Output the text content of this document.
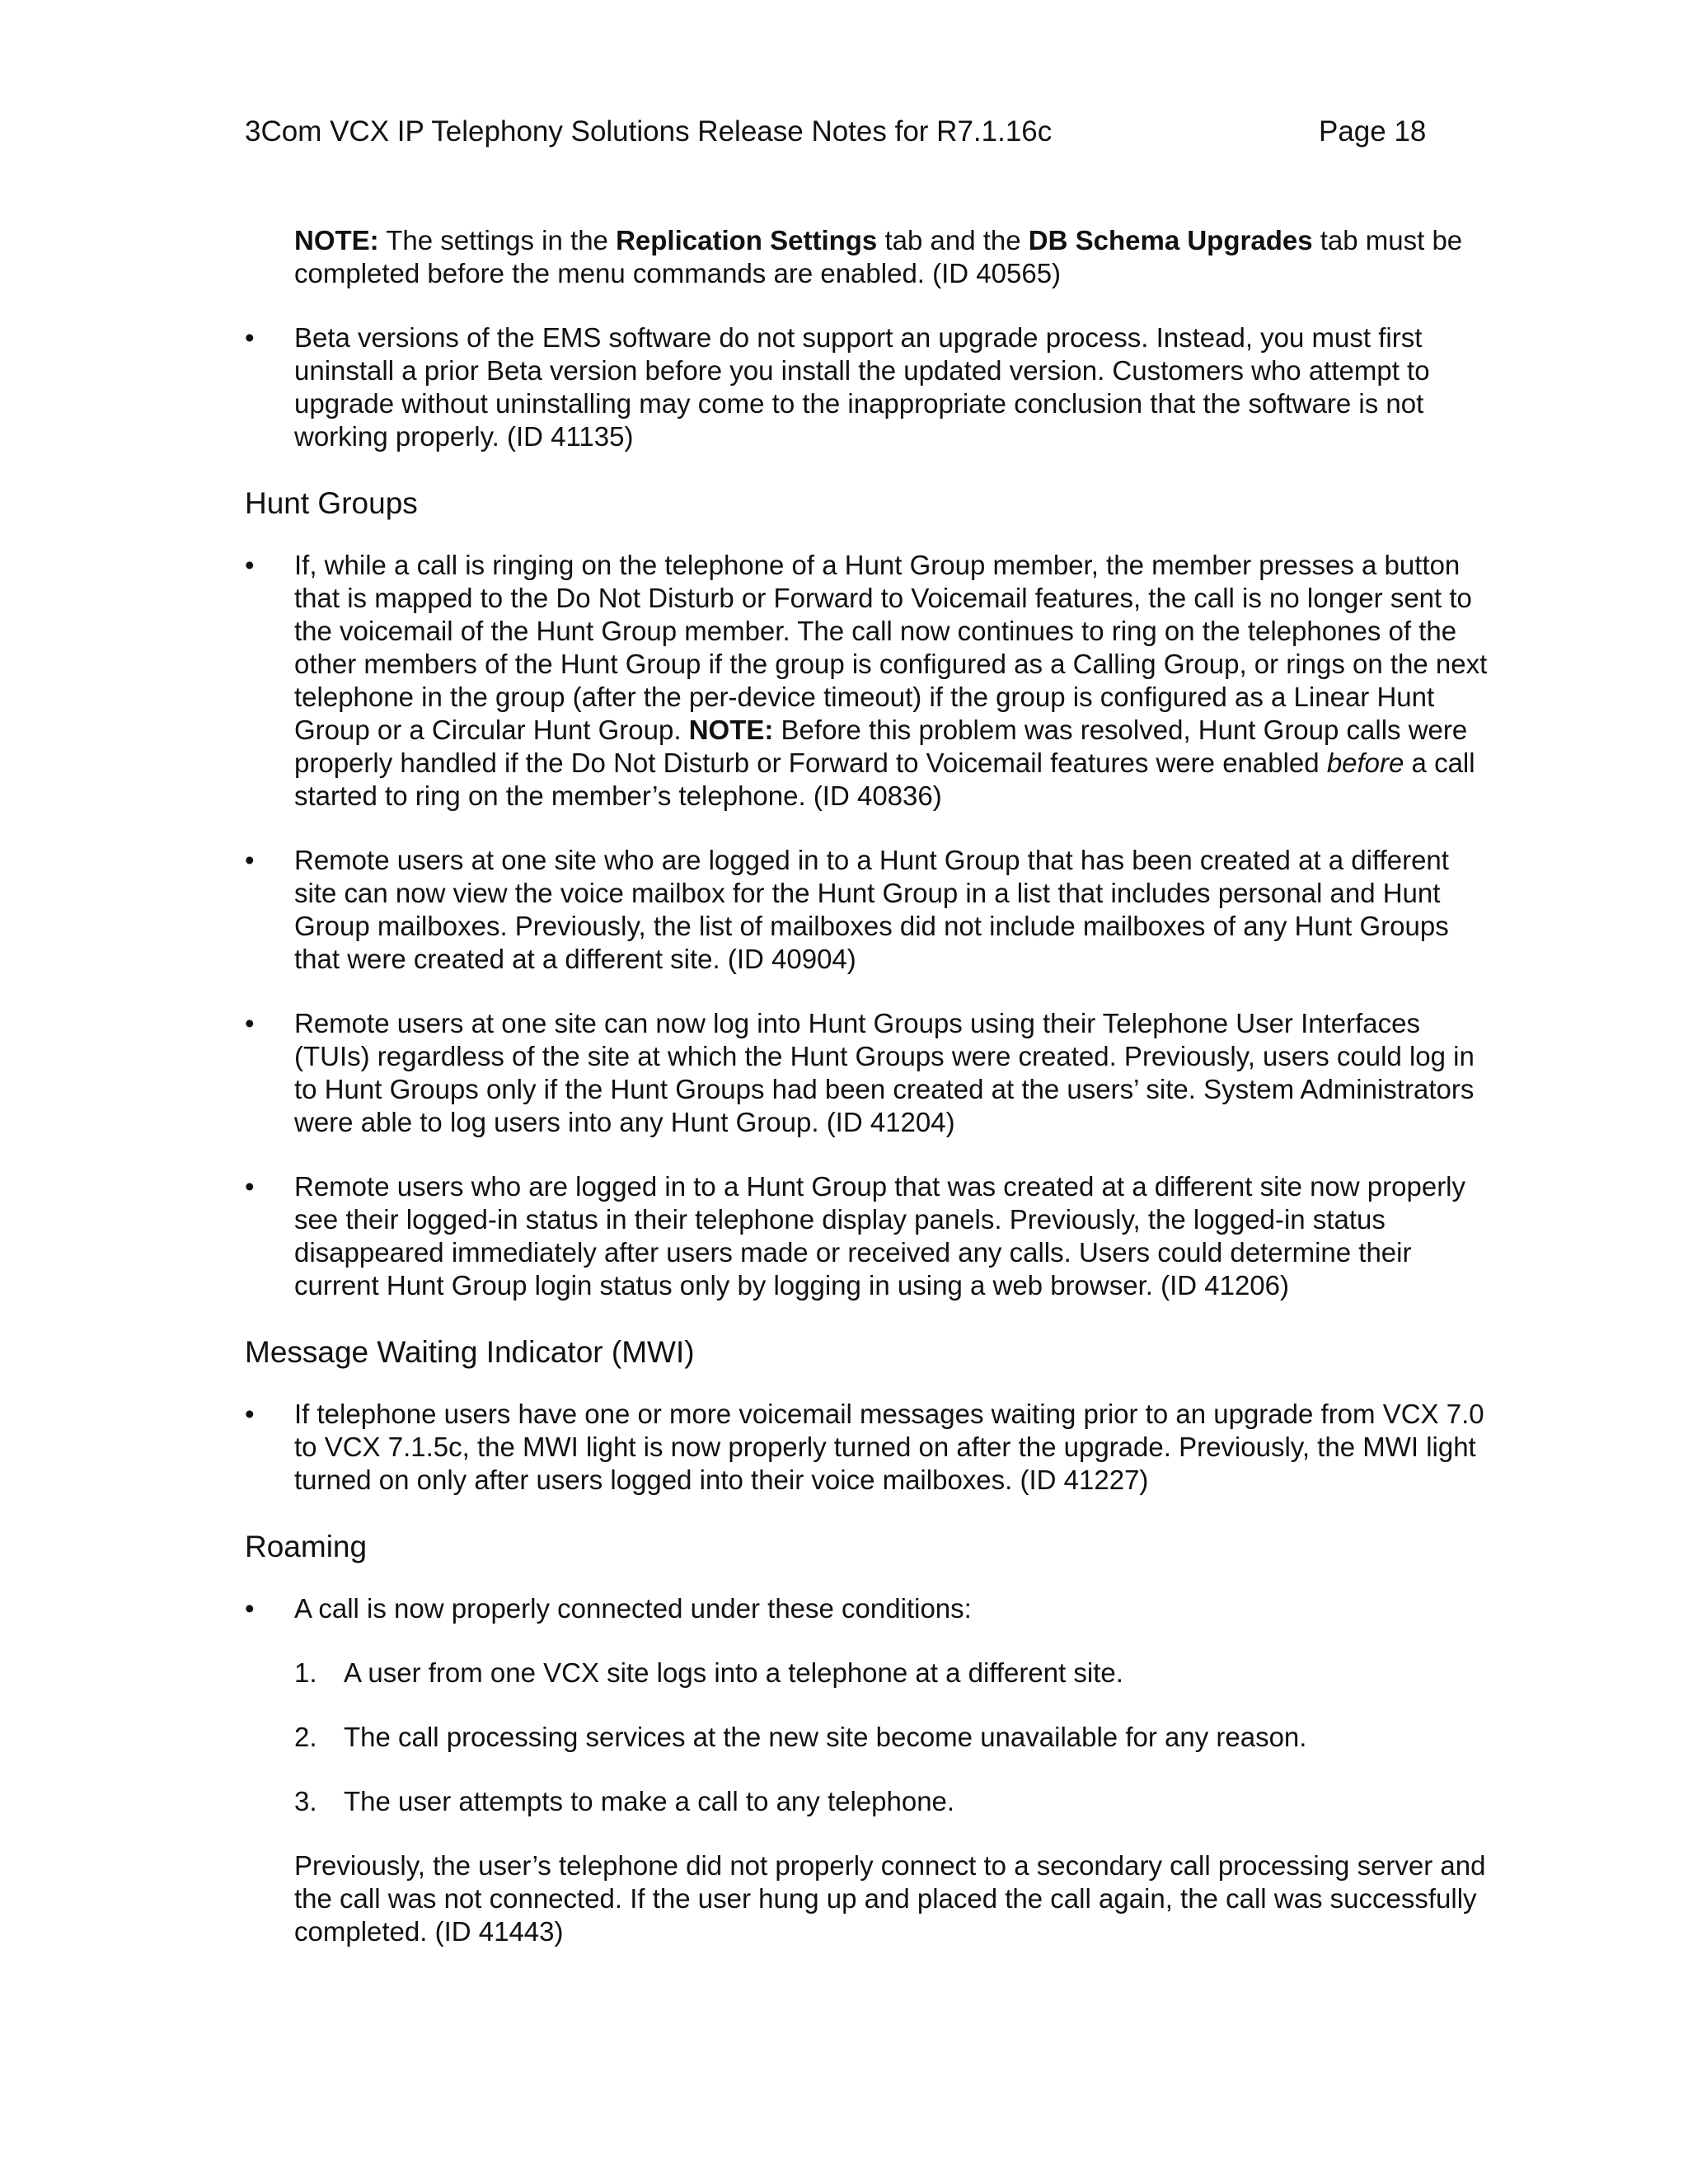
3Com VCX IP Telephony Solutions Release Notes for R7.1.16c	Page 18

NOTE: The settings in the Replication Settings tab and the DB Schema Upgrades tab must be completed before the menu commands are enabled. (ID 40565)

• Beta versions of the EMS software do not support an upgrade process. Instead, you must first uninstall a prior Beta version before you install the updated version. Customers who attempt to upgrade without uninstalling may come to the inappropriate conclusion that the software is not working properly. (ID 41135)

Hunt Groups
• If, while a call is ringing on the telephone of a Hunt Group member, the member presses a button that is mapped to the Do Not Disturb or Forward to Voicemail features, the call is no longer sent to the voicemail of the Hunt Group member. The call now continues to ring on the telephones of the other members of the Hunt Group if the group is configured as a Calling Group, or rings on the next telephone in the group (after the per-device timeout) if the group is configured as a Linear Hunt Group or a Circular Hunt Group. NOTE: Before this problem was resolved, Hunt Group calls were properly handled if the Do Not Disturb or Forward to Voicemail features were enabled before a call started to ring on the member’s telephone. (ID 40836)

• Remote users at one site who are logged in to a Hunt Group that has been created at a different site can now view the voice mailbox for the Hunt Group in a list that includes personal and Hunt Group mailboxes. Previously, the list of mailboxes did not include mailboxes of any Hunt Groups that were created at a different site. (ID 40904)

• Remote users at one site can now log into Hunt Groups using their Telephone User Interfaces (TUIs) regardless of the site at which the Hunt Groups were created. Previously, users could log in to Hunt Groups only if the Hunt Groups had been created at the users’ site. System Administrators were able to log users into any Hunt Group. (ID 41204)

• Remote users who are logged in to a Hunt Group that was created at a different site now properly see their logged-in status in their telephone display panels. Previously, the logged-in status disappeared immediately after users made or received any calls. Users could determine their current Hunt Group login status only by logging in using a web browser. (ID 41206)

Message Waiting Indicator (MWI)
• If telephone users have one or more voicemail messages waiting prior to an upgrade from VCX 7.0 to VCX 7.1.5c, the MWI light is now properly turned on after the upgrade. Previously, the MWI light turned on only after users logged into their voice mailboxes. (ID 41227)

Roaming
• A call is now properly connected under these conditions:

1. A user from one VCX site logs into a telephone at a different site.

2. The call processing services at the new site become unavailable for any reason.

3. The user attempts to make a call to any telephone.

Previously, the user’s telephone did not properly connect to a secondary call processing server and the call was not connected. If the user hung up and placed the call again, the call was successfully completed. (ID 41443)
